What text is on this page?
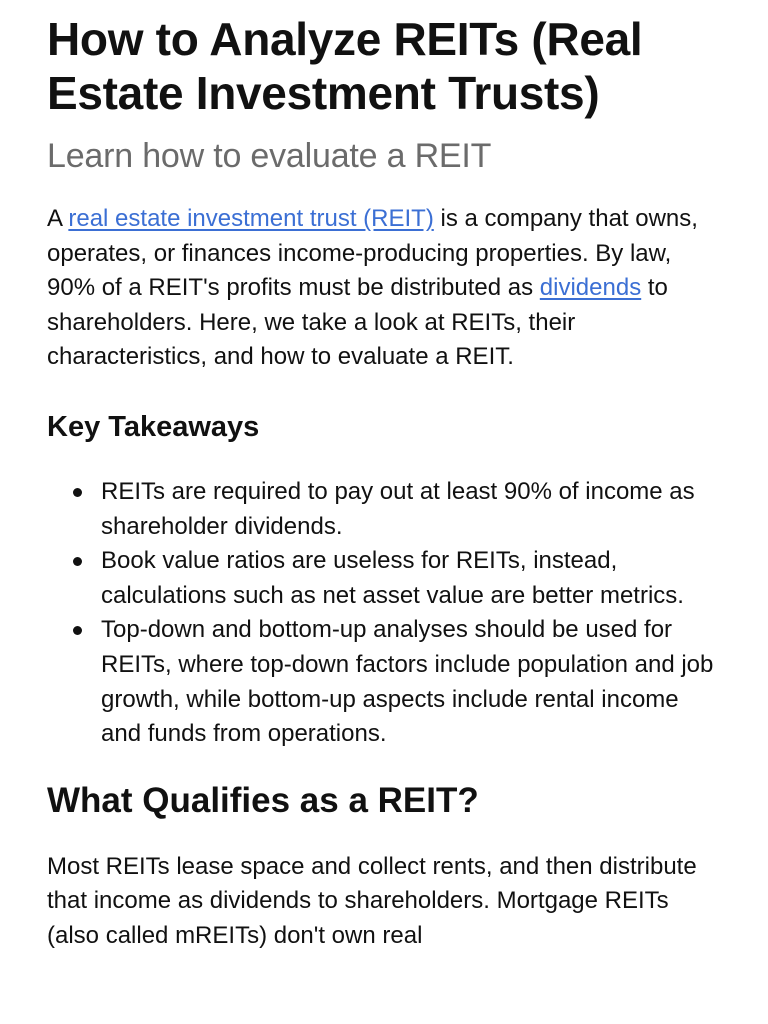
How to Analyze REITs (Real Estate Investment Trusts)
Learn how to evaluate a REIT

A real estate investment trust (REIT) is a company that owns, operates, or finances income-producing properties. By law, 90% of a REIT's profits must be distributed as dividends to shareholders. Here, we take a look at REITs, their characteristics, and how to evaluate a REIT.

Key Takeaways
REITs are required to pay out at least 90% of income as shareholder dividends.
Book value ratios are useless for REITs, instead, calculations such as net asset value are better metrics.
Top-down and bottom-up analyses should be used for REITs, where top-down factors include population and job growth, while bottom-up aspects include rental income and funds from operations.
What Qualifies as a REIT?

Most REITs lease space and collect rents, and then distribute that income as dividends to shareholders. Mortgage REITs (also called mREITs) don't own real
